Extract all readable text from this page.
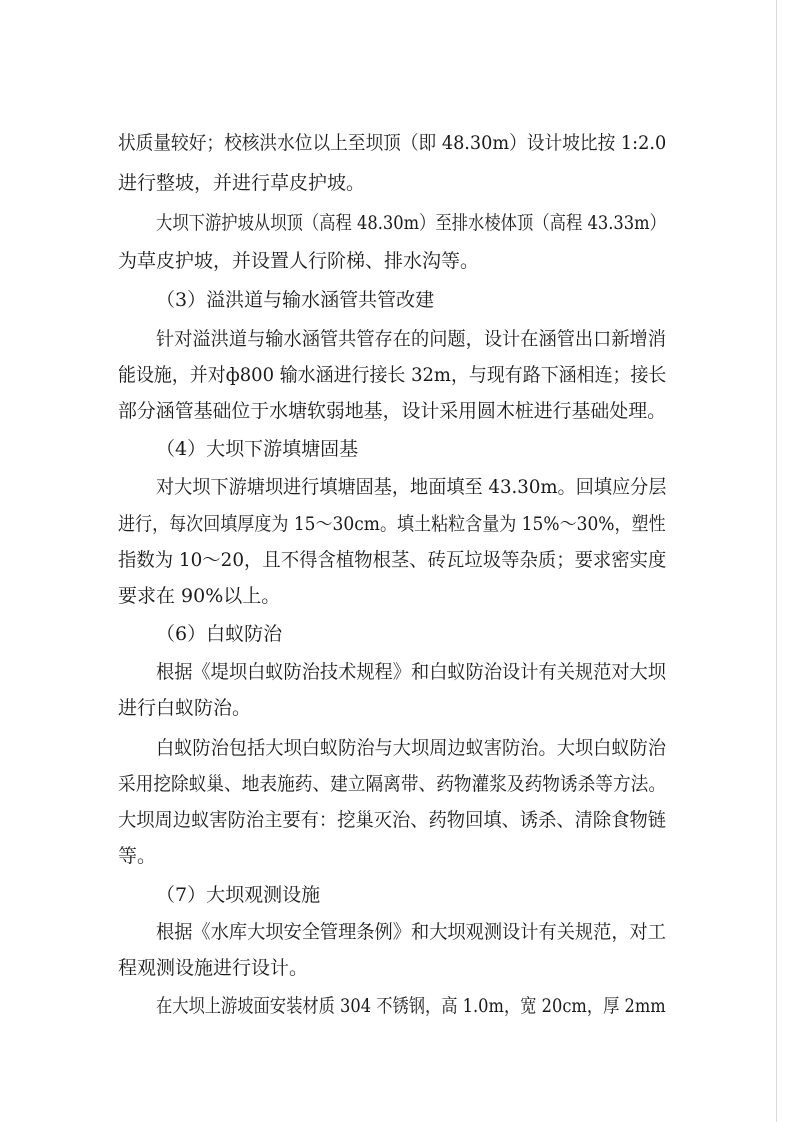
状质量较好；校核洪水位以上至坝顶（即 48.30m）设计坡比按 1:2.0
进行整坡，并进行草皮护坡。
大坝下游护坡从坝顶（高程 48.30m）至排水棱体顶（高程 43.33m）
为草皮护坡，并设置人行阶梯、排水沟等。
（3）溢洪道与输水涵管共管改建
针对溢洪道与输水涵管共管存在的问题，设计在涵管出口新增消
能设施，并对ф800 输水涵进行接长 32m，与现有路下涵相连；接长
部分涵管基础位于水塘软弱地基，设计采用圆木桩进行基础处理。
（4）大坝下游填塘固基
对大坝下游塘坝进行填塘固基，地面填至 43.30m。回填应分层
进行，每次回填厚度为 15～30cm。填土粘粒含量为 15%～30%，塑性
指数为 10～20，且不得含植物根茎、砖瓦垃圾等杂质；要求密实度
要求在 90%以上。
（6）白蚁防治
根据《堤坝白蚁防治技术规程》和白蚁防治设计有关规范对大坝
进行白蚁防治。
白蚁防治包括大坝白蚁防治与大坝周边蚁害防治。大坝白蚁防治
采用挖除蚁巢、地表施药、建立隔离带、药物灌浆及药物诱杀等方法。
大坝周边蚁害防治主要有：挖巢灭治、药物回填、诱杀、清除食物链
等。
（7）大坝观测设施
根据《水库大坝安全管理条例》和大坝观测设计有关规范，对工
程观测设施进行设计。
在大坝上游坡面安装材质 304 不锈钢，高 1.0m，宽 20cm，厚 2mm
